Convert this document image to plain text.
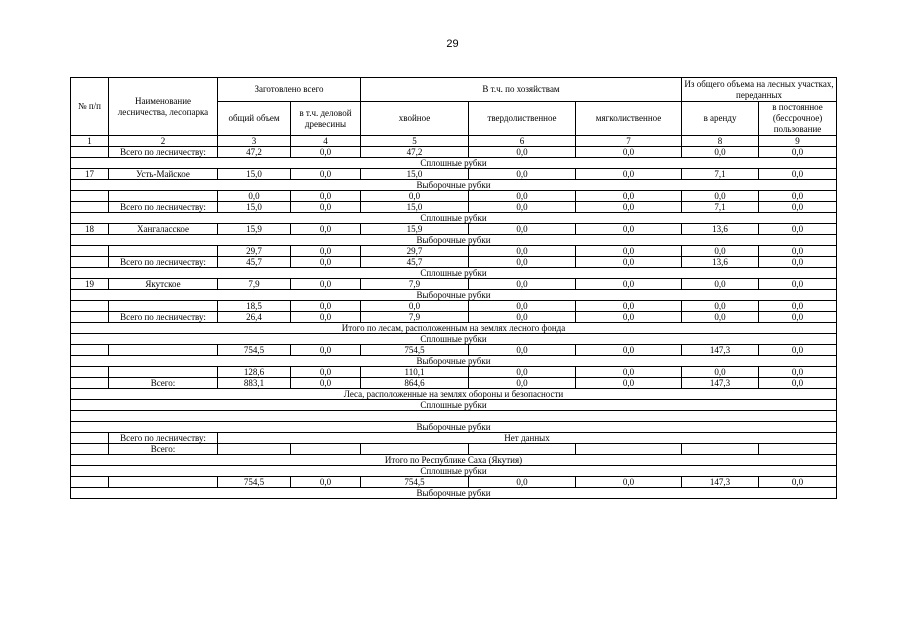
29
№ п/п	Наименование лесничества, лесопарка	Заготовлено всего		В т.ч. по хозяйствам			Из общего объема на лесных участках, переданных	
		общий объем	в т.ч. деловой древесины	хвойное	твердолиственное	мягколиственное	в аренду	в постоянное (бессрочное) пользование
1	2	3	4	5	6	7	8	9
	Всего по лесничеству:	47,2	0,0	47,2	0,0	0,0	0,0	0,0
Сплошные рубки								
17	Усть-Майское	15,0	0,0	15,0	0,0	0,0	7,1	0,0
Выборочные рубки								
		0,0	0,0	0,0	0,0	0,0	0,0	0,0
	Всего по лесничеству:	15,0	0,0	15,0	0,0	0,0	7,1	0,0
Сплошные рубки								
18	Хангаласское	15,9	0,0	15,9	0,0	0,0	13,6	0,0
Выборочные рубки								
		29,7	0,0	29,7	0,0	0,0	0,0	0,0
	Всего по лесничеству:	45,7	0,0	45,7	0,0	0,0	13,6	0,0
Сплошные рубки								
19	Якутское	7,9	0,0	7,9	0,0	0,0	0,0	0,0
Выборочные рубки								
		18,5	0,0	0,0	0,0	0,0	0,0	0,0
	Всего по лесничеству:	26,4	0,0	7,9	0,0	0,0	0,0	0,0
Итого по лесам, расположенным на землях лесного фонда								
Сплошные рубки								
		754,5	0,0	754,5	0,0	0,0	147,3	0,0
Выборочные рубки								
		128,6	0,0	110,1	0,0	0,0	0,0	0,0
	Всего:	883,1	0,0	864,6	0,0	0,0	147,3	0,0
Леса, расположенные на землях обороны и безопасности								
Сплошные рубки								

Выборочные рубки								
	Всего по лесничеству:	Нет данных						
	Всего:							
Итого по Республике Саха (Якутия)								
Сплошные рубки								
		754,5	0,0	754,5	0,0	0,0	147,3	0,0
Выборочные рубки								
